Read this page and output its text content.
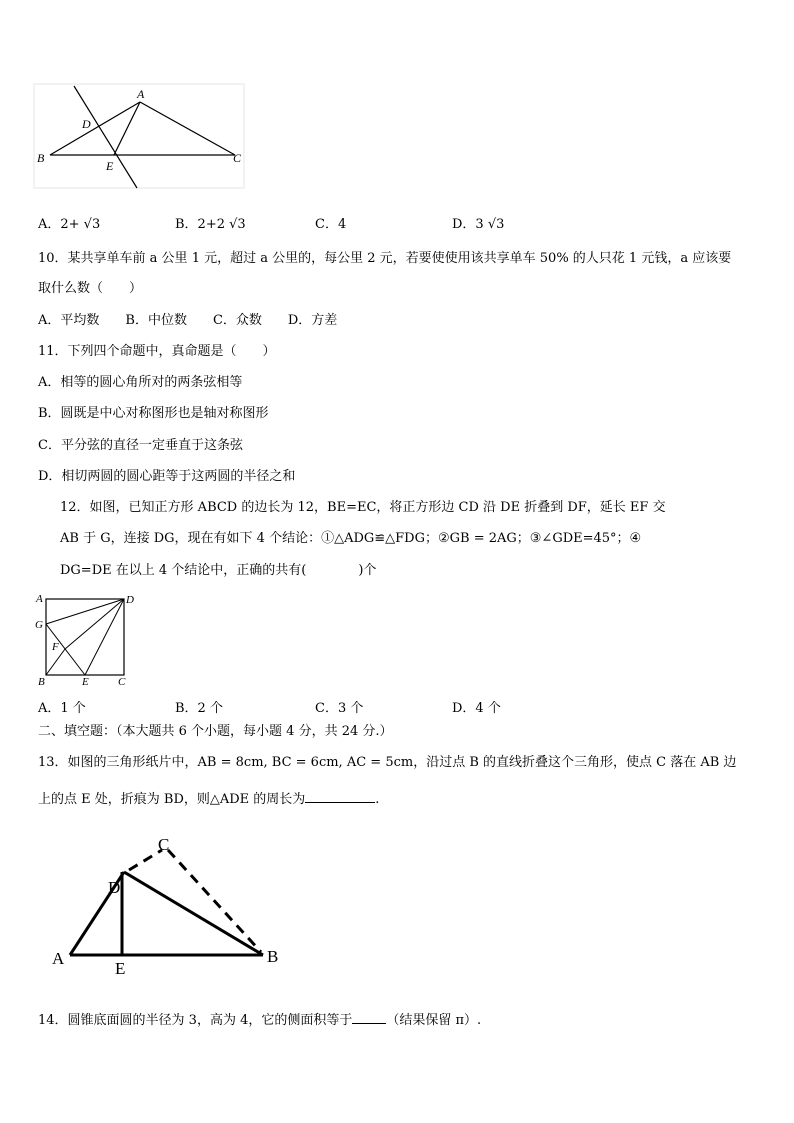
A
D
B
E
C
A．2+ √3	B．2+2 √3	C．4	D．3 √3
10．某共享单车前 a 公里 1 元，超过 a 公里的，每公里 2 元，若要使使用该共享单车 50% 的人只花 1 元钱，a 应该要
取什么数（　　）
A．平均数　　B．中位数　　C．众数　　D．方差
11．下列四个命题中，真命题是（　　）
A．相等的圆心角所对的两条弦相等
B．圆既是中心对称图形也是轴对称图形
C．平分弦的直径一定垂直于这条弦
D．相切两圆的圆心距等于这两圆的半径之和
12．如图，已知正方形 ABCD 的边长为 12，BE=EC，将正方形边 CD 沿 DE 折叠到 DF，延长 EF 交
AB 于 G，连接 DG，现在有如下 4 个结论：①△ADG≌△FDG；②GB = 2AG；③∠GDE=45°；④
DG=DE 在以上 4 个结论中，正确的共有(　　　　)个
A	D
G
F
B	E	C
A．1 个	B．2 个	C．3 个	D．4 个
二、填空题：（本大题共 6 个小题，每小题 4 分，共 24 分.）
13．如图的三角形纸片中，AB = 8cm, BC = 6cm, AC = 5cm，沿过点 B 的直线折叠这个三角形，使点 C 落在 AB 边
上的点 E 处，折痕为 BD，则△ADE 的周长为	.
C
D
A
E
B
14．圆锥底面圆的半径为 3，高为 4，它的侧面积等于	（结果保留 π）.
